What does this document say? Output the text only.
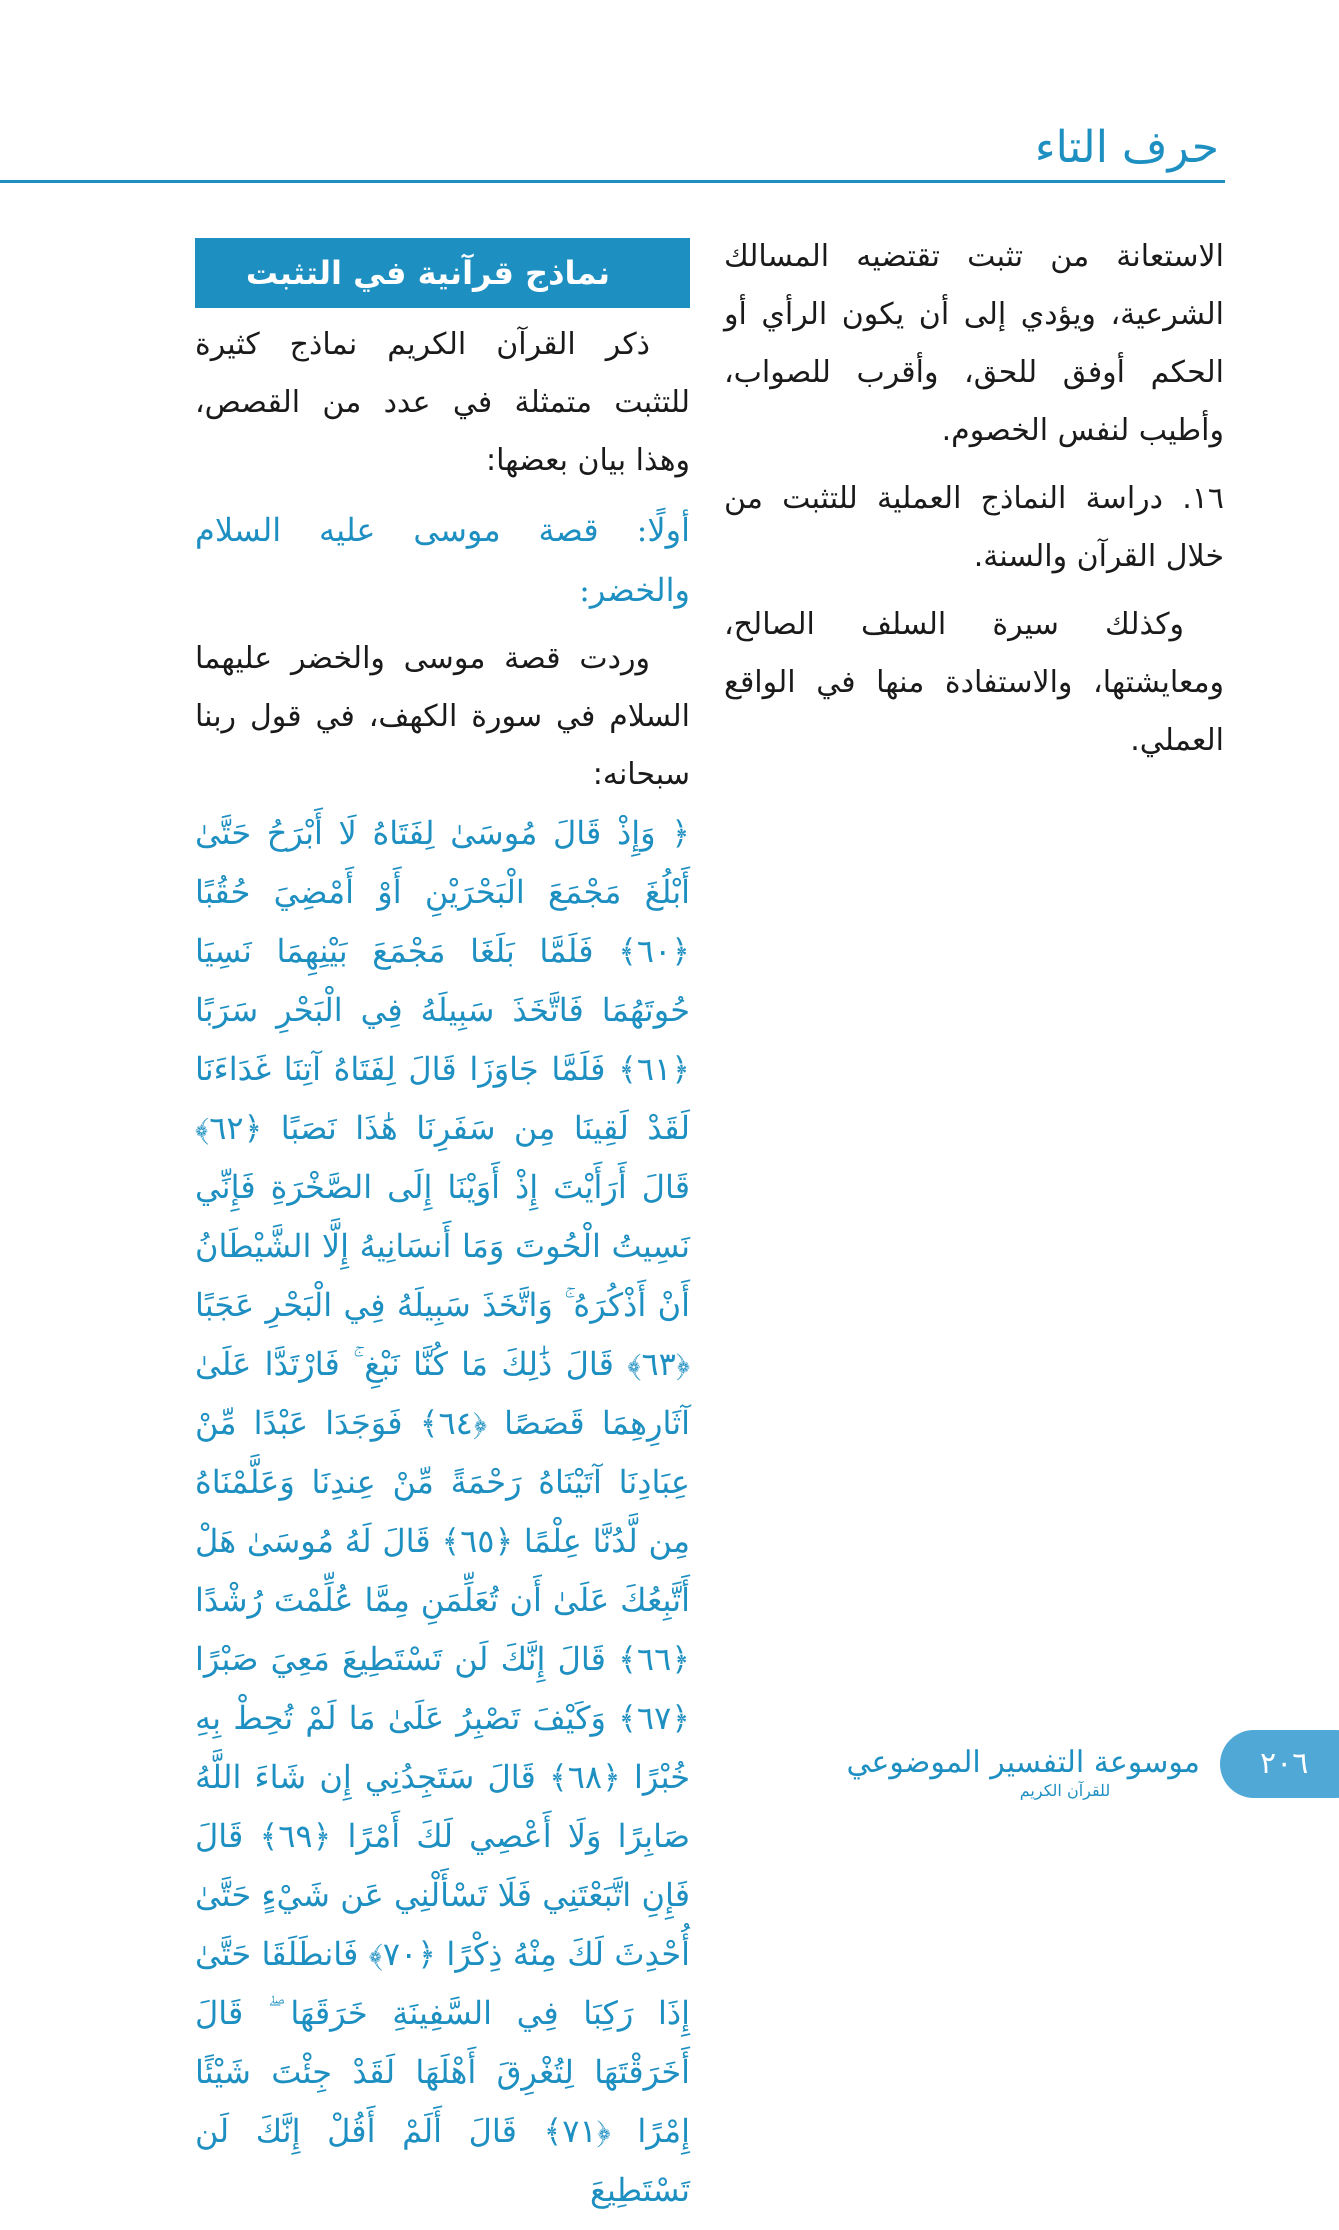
حرف التاء

الاستعانة من تثبت تقتضيه المسالك الشرعية، ويؤدي إلى أن يكون الرأي أو الحكم أوفق للحق، وأقرب للصواب، وأطيب لنفس الخصوم.

١٦. دراسة النماذج العملية للتثبت من خلال القرآن والسنة.

وكذلك سيرة السلف الصالح، ومعايشتها، والاستفادة منها في الواقع العملي.

نماذج قرآنية في التثبت

ذكر القرآن الكريم نماذج كثيرة للتثبت متمثلة في عدد من القصص، وهذا بيان بعضها:

أولًا: قصة موسى عليه السلام والخضر:

وردت قصة موسى والخضر عليهما السلام في سورة الكهف، في قول ربنا سبحانه:

﴿ وَإِذْ قَالَ مُوسَىٰ لِفَتَاهُ لَا أَبْرَحُ حَتَّىٰ أَبْلُغَ مَجْمَعَ الْبَحْرَيْنِ أَوْ أَمْضِيَ حُقُبًا ﴿٦٠﴾ فَلَمَّا بَلَغَا مَجْمَعَ بَيْنِهِمَا نَسِيَا حُوتَهُمَا فَاتَّخَذَ سَبِيلَهُ فِي الْبَحْرِ سَرَبًا ﴿٦١﴾ فَلَمَّا جَاوَزَا قَالَ لِفَتَاهُ آتِنَا غَدَاءَنَا لَقَدْ لَقِينَا مِن سَفَرِنَا هَٰذَا نَصَبًا ﴿٦٢﴾ قَالَ أَرَأَيْتَ إِذْ أَوَيْنَا إِلَى الصَّخْرَةِ فَإِنِّي نَسِيتُ الْحُوتَ وَمَا أَنسَانِيهُ إِلَّا الشَّيْطَانُ أَنْ أَذْكُرَهُ ۚ وَاتَّخَذَ سَبِيلَهُ فِي الْبَحْرِ عَجَبًا ﴿٦٣﴾ قَالَ ذَٰلِكَ مَا كُنَّا نَبْغِ ۚ فَارْتَدَّا عَلَىٰ آثَارِهِمَا قَصَصًا ﴿٦٤﴾ فَوَجَدَا عَبْدًا مِّنْ عِبَادِنَا آتَيْنَاهُ رَحْمَةً مِّنْ عِندِنَا وَعَلَّمْنَاهُ مِن لَّدُنَّا عِلْمًا ﴿٦٥﴾ قَالَ لَهُ مُوسَىٰ هَلْ أَتَّبِعُكَ عَلَىٰ أَن تُعَلِّمَنِ مِمَّا عُلِّمْتَ رُشْدًا ﴿٦٦﴾ قَالَ إِنَّكَ لَن تَسْتَطِيعَ مَعِيَ صَبْرًا ﴿٦٧﴾ وَكَيْفَ تَصْبِرُ عَلَىٰ مَا لَمْ تُحِطْ بِهِ خُبْرًا ﴿٦٨﴾ قَالَ سَتَجِدُنِي إِن شَاءَ اللَّهُ صَابِرًا وَلَا أَعْصِي لَكَ أَمْرًا ﴿٦٩﴾ قَالَ فَإِنِ اتَّبَعْتَنِي فَلَا تَسْأَلْنِي عَن شَيْءٍ حَتَّىٰ أُحْدِثَ لَكَ مِنْهُ ذِكْرًا ﴿٧٠﴾ فَانطَلَقَا حَتَّىٰ إِذَا رَكِبَا فِي السَّفِينَةِ خَرَقَهَا ۖ قَالَ أَخَرَقْتَهَا لِتُغْرِقَ أَهْلَهَا لَقَدْ جِئْتَ شَيْئًا إِمْرًا ﴿٧١﴾ قَالَ أَلَمْ أَقُلْ إِنَّكَ لَن تَسْتَطِيعَ

موسوعة التفسير الموضوعي
للقرآن الكريم
٢٠٦
